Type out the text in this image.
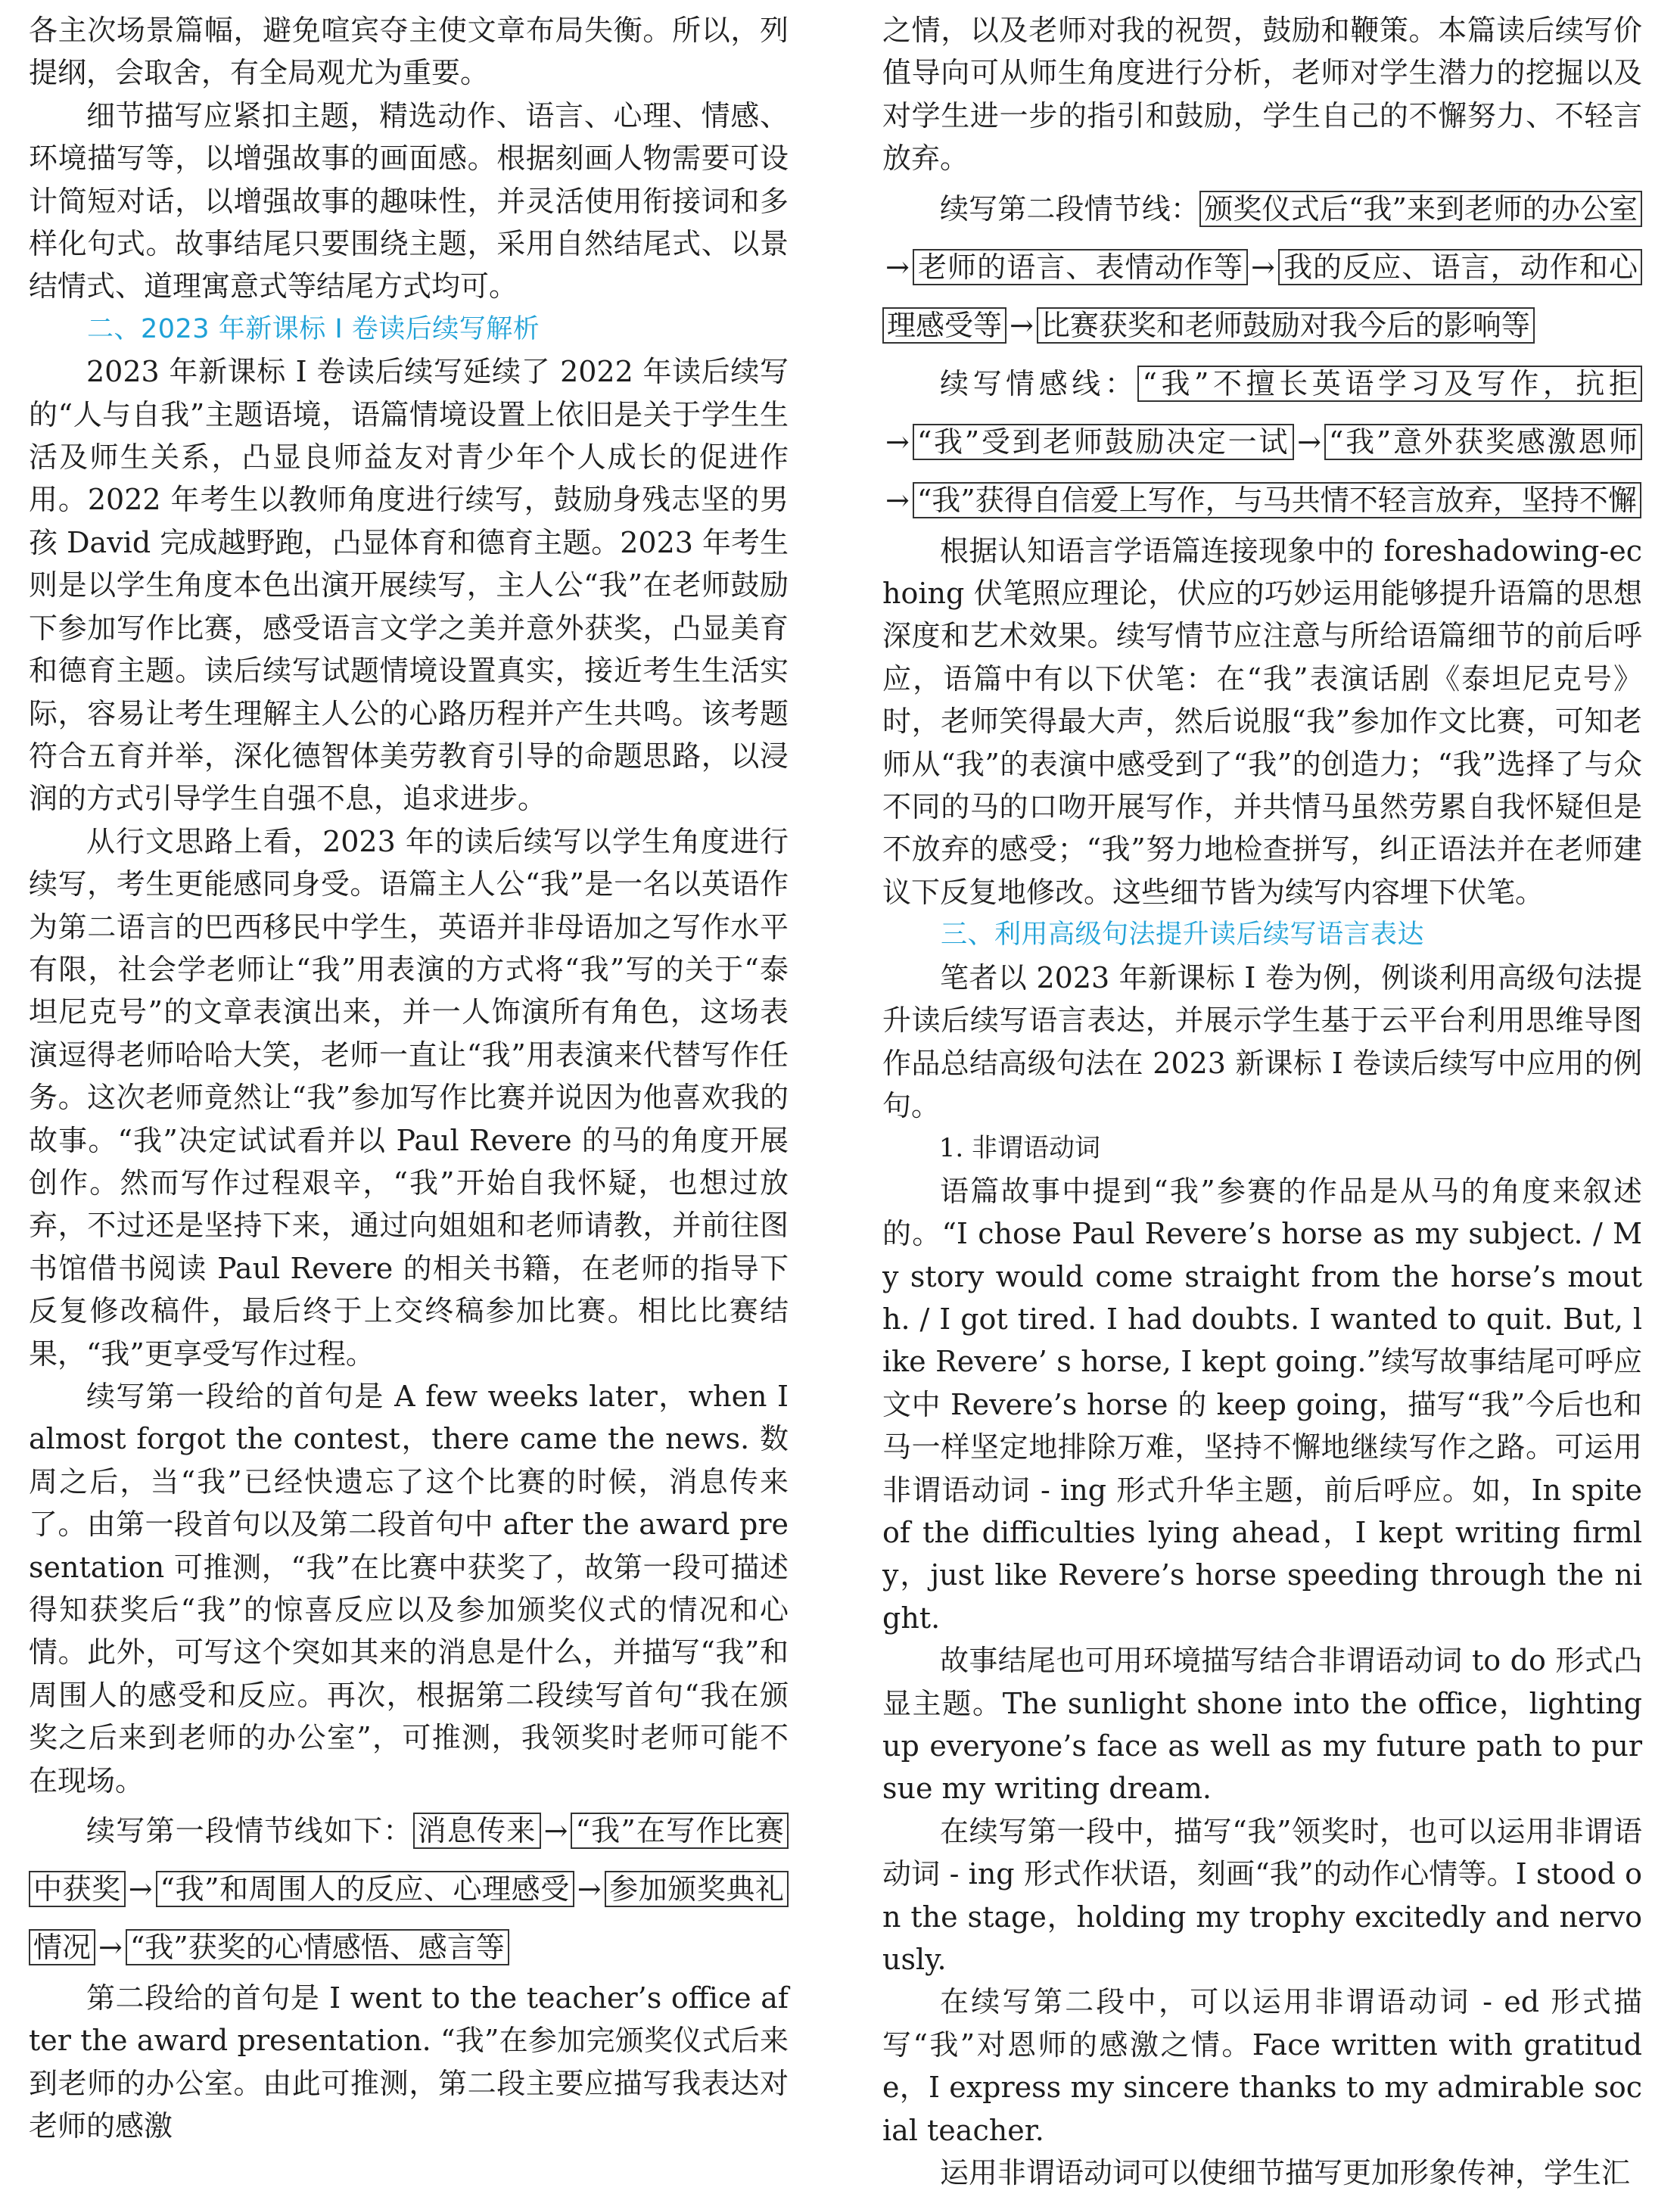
各主次场景篇幅，避免喧宾夺主使文章布局失衡。所以，列提纲，会取舍，有全局观尤为重要。

细节描写应紧扣主题，精选动作、语言、心理、情感、环境描写等，以增强故事的画面感。根据刻画人物需要可设计简短对话，以增强故事的趣味性，并灵活使用衔接词和多样化句式。故事结尾只要围绕主题，采用自然结尾式、以景结情式、道理寓意式等结尾方式均可。

二、2023 年新课标 I 卷读后续写解析

2023 年新课标 I 卷读后续写延续了 2022 年读后续写的“人与自我”主题语境，语篇情境设置上依旧是关于学生生活及师生关系，凸显良师益友对青少年个人成长的促进作用。2022 年考生以教师角度进行续写，鼓励身残志坚的男孩 David 完成越野跑，凸显体育和德育主题。2023 年考生则是以学生角度本色出演开展续写，主人公“我”在老师鼓励下参加写作比赛，感受语言文学之美并意外获奖，凸显美育和德育主题。读后续写试题情境设置真实，接近考生生活实际，容易让考生理解主人公的心路历程并产生共鸣。该考题符合五育并举，深化德智体美劳教育引导的命题思路，以浸润的方式引导学生自强不息，追求进步。

从行文思路上看，2023 年的读后续写以学生角度进行续写，考生更能感同身受。语篇主人公“我”是一名以英语作为第二语言的巴西移民中学生，英语并非母语加之写作水平有限，社会学老师让“我”用表演的方式将“我”写的关于“泰坦尼克号”的文章表演出来，并一人饰演所有角色，这场表演逗得老师哈哈大笑，老师一直让“我”用表演来代替写作任务。这次老师竟然让“我”参加写作比赛并说因为他喜欢我的故事。“我”决定试试看并以 Paul Revere 的马的角度开展创作。然而写作过程艰辛，“我”开始自我怀疑，也想过放弃，不过还是坚持下来，通过向姐姐和老师请教，并前往图书馆借书阅读 Paul Revere 的相关书籍，在老师的指导下反复修改稿件，最后终于上交终稿参加比赛。相比比赛结果，“我”更享受写作过程。

续写第一段给的首句是 A few weeks later，when I almost forgot the contest，there came the news. 数周之后，当“我”已经快遗忘了这个比赛的时候，消息传来了。由第一段首句以及第二段首句中 after the award presentation 可推测，“我”在比赛中获奖了，故第一段可描述得知获奖后“我”的惊喜反应以及参加颁奖仪式的情况和心情。此外，可写这个突如其来的消息是什么，并描写“我”和周围人的感受和反应。再次，根据第二段续写首句“我在颁奖之后来到老师的办公室”，可推测，我领奖时老师可能不在现场。

续写第一段情节线如下： 消息传来 → “我”在写作比赛中获奖 → “我”和周围人的反应、心理感受 → 参加颁奖典礼情况 → “我”获奖的心情感悟、感言等

第二段给的首句是 I went to the teacher’s office after the award presentation. “我”在参加完颁奖仪式后来到老师的办公室。由此可推测，第二段主要应描写我表达对老师的感激

之情，以及老师对我的祝贺，鼓励和鞭策。本篇读后续写价值导向可从师生角度进行分析，老师对学生潜力的挖掘以及对学生进一步的指引和鼓励，学生自己的不懈努力、不轻言放弃。

续写第二段情节线： 颁奖仪式后“我”来到老师的办公室→ 老师的语言、表情动作等 → 我的反应、语言，动作和心理感受等 → 比赛获奖和老师鼓励对我今后的影响等

续写情感线： “我”不擅长英语学习及写作，抗拒→ “我”受到老师鼓励决定一试 → “我”意外获奖感激恩师→ “我”获得自信爱上写作，与马共情不轻言放弃，坚持不懈

根据认知语言学语篇连接现象中的 foreshadowing-echoing 伏笔照应理论，伏应的巧妙运用能够提升语篇的思想深度和艺术效果。续写情节应注意与所给语篇细节的前后呼应，语篇中有以下伏笔：在“我”表演话剧《泰坦尼克号》时，老师笑得最大声，然后说服“我”参加作文比赛，可知老师从“我”的表演中感受到了“我”的创造力；“我”选择了与众不同的马的口吻开展写作，并共情马虽然劳累自我怀疑但是不放弃的感受；“我”努力地检查拼写，纠正语法并在老师建议下反复地修改。这些细节皆为续写内容埋下伏笔。

三、利用高级句法提升读后续写语言表达

笔者以 2023 年新课标 I 卷为例，例谈利用高级句法提升读后续写语言表达，并展示学生基于云平台利用思维导图作品总结高级句法在 2023 新课标 I 卷读后续写中应用的例句。

1. 非谓语动词

语篇故事中提到“我”参赛的作品是从马的角度来叙述的。“I chose Paul Revere’s horse as my subject. / My story would come straight from the horse’s mouth. / I got tired. I had doubts. I wanted to quit. But, like Revere’ s horse, I kept going.”续写故事结尾可呼应文中 Revere’s horse 的 keep going，描写“我”今后也和马一样坚定地排除万难，坚持不懈地继续写作之路。可运用非谓语动词 - ing 形式升华主题，前后呼应。如，In spite of the difficulties lying ahead，I kept writing firmly，just like Revere’s horse speeding through the night.

故事结尾也可用环境描写结合非谓语动词 to do 形式凸显主题。The sunlight shone into the office，lighting up everyone’s face as well as my future path to pursue my writing dream.

在续写第一段中，描写“我”领奖时，也可以运用非谓语动词 - ing 形式作状语，刻画“我”的动作心情等。I stood on the stage，holding my trophy excitedly and nervously.

在续写第二段中，可以运用非谓语动词 - ed 形式描写“我”对恩师的感激之情。Face written with gratitude，I express my sincere thanks to my admirable social teacher.

运用非谓语动词可以使细节描写更加形象传神，学生汇
